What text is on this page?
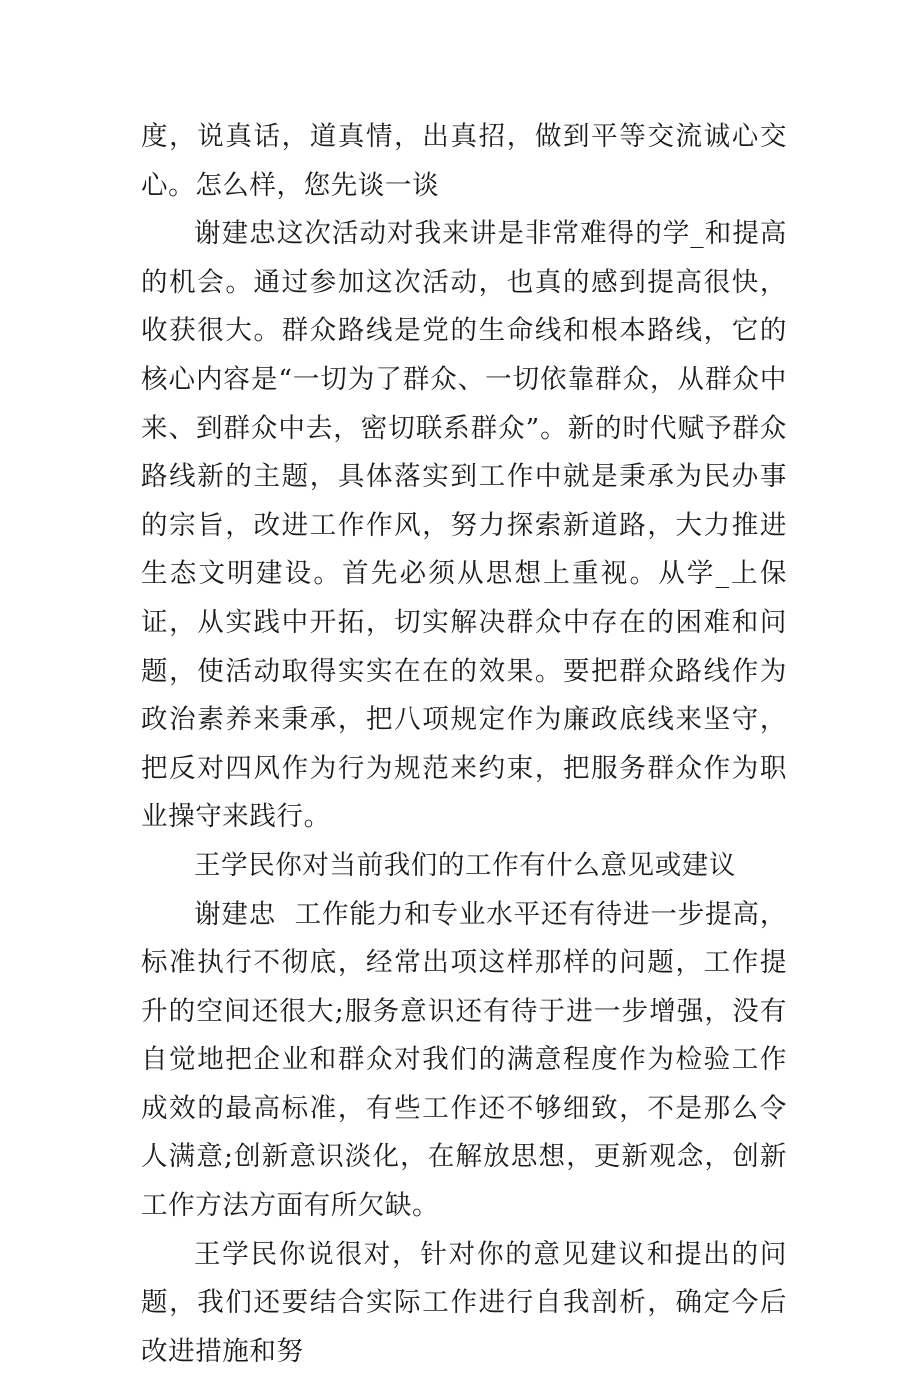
度，说真话，道真情，出真招，做到平等交流诚心交心。怎么样，您先谈一谈

谢建忠这次活动对我来讲是非常难得的学_和提高的机会。通过参加这次活动，也真的感到提高很快，收获很大。群众路线是党的生命线和根本路线，它的核心内容是“一切为了群众、一切依靠群众，从群众中来、到群众中去，密切联系群众”。新的时代赋予群众路线新的主题，具体落实到工作中就是秉承为民办事的宗旨，改进工作作风，努力探索新道路，大力推进生态文明建设。首先必须从思想上重视。从学_上保证，从实践中开拓，切实解决群众中存在的困难和问题，使活动取得实实在在的效果。要把群众路线作为政治素养来秉承，把八项规定作为廉政底线来坚守，把反对四风作为行为规范来约束，把服务群众作为职业操守来践行。

王学民你对当前我们的工作有什么意见或建议

谢建忠  工作能力和专业水平还有待进一步提高，标准执行不彻底，经常出项这样那样的问题，工作提升的空间还很大;服务意识还有待于进一步增强，没有自觉地把企业和群众对我们的满意程度作为检验工作成效的最高标准，有些工作还不够细致，不是那么令人满意;创新意识淡化，在解放思想，更新观念，创新工作方法方面有所欠缺。

王学民你说很对，针对你的意见建议和提出的问题，我们还要结合实际工作进行自我剖析，确定今后改进措施和努
